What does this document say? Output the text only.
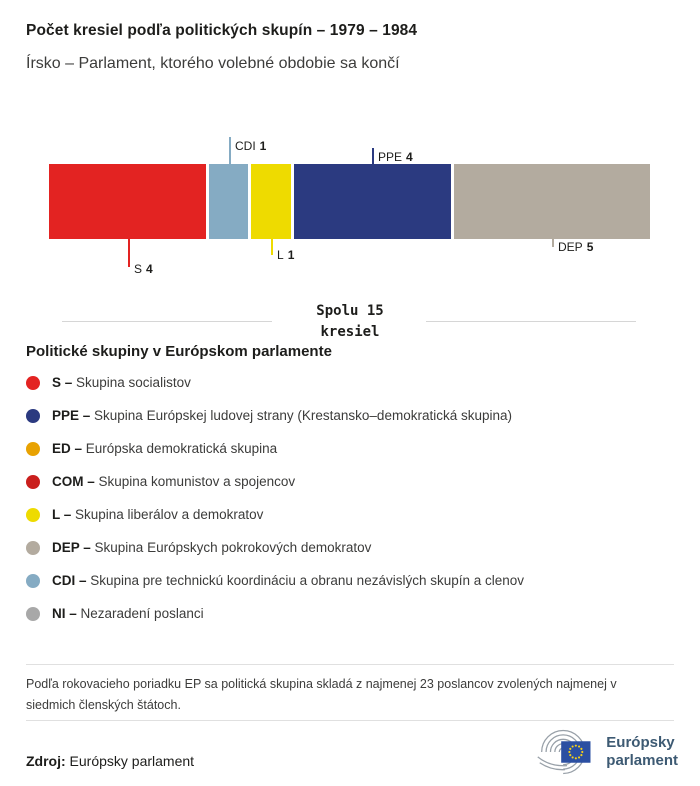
Počet kresiel podľa politických skupín – 1979 – 1984
Írsko – Parlament, ktorého volebné obdobie sa končí
S 4
CDI 1
L 1
PPE 4
DEP 5
Spolu 15
kresiel
Politické skupiny v Európskom parlamente
S – Skupina socialistov
PPE – Skupina Európskej ludovej strany (Krestansko–demokratická skupina)
ED – Európska demokratická skupina
COM – Skupina komunistov a spojencov
L – Skupina liberálov a demokratov
DEP – Skupina Európskych pokrokových demokratov
CDI – Skupina pre technickú koordináciu a obranu nezávislých skupín a clenov
NI – Nezaradení poslanci
Podľa rokovacieho poriadku EP sa politická skupina skladá z najmenej 23 poslancov zvolených najmenej v siedmich členských štátoch.
Zdroj: Európsky parlament
Európsky
parlament
